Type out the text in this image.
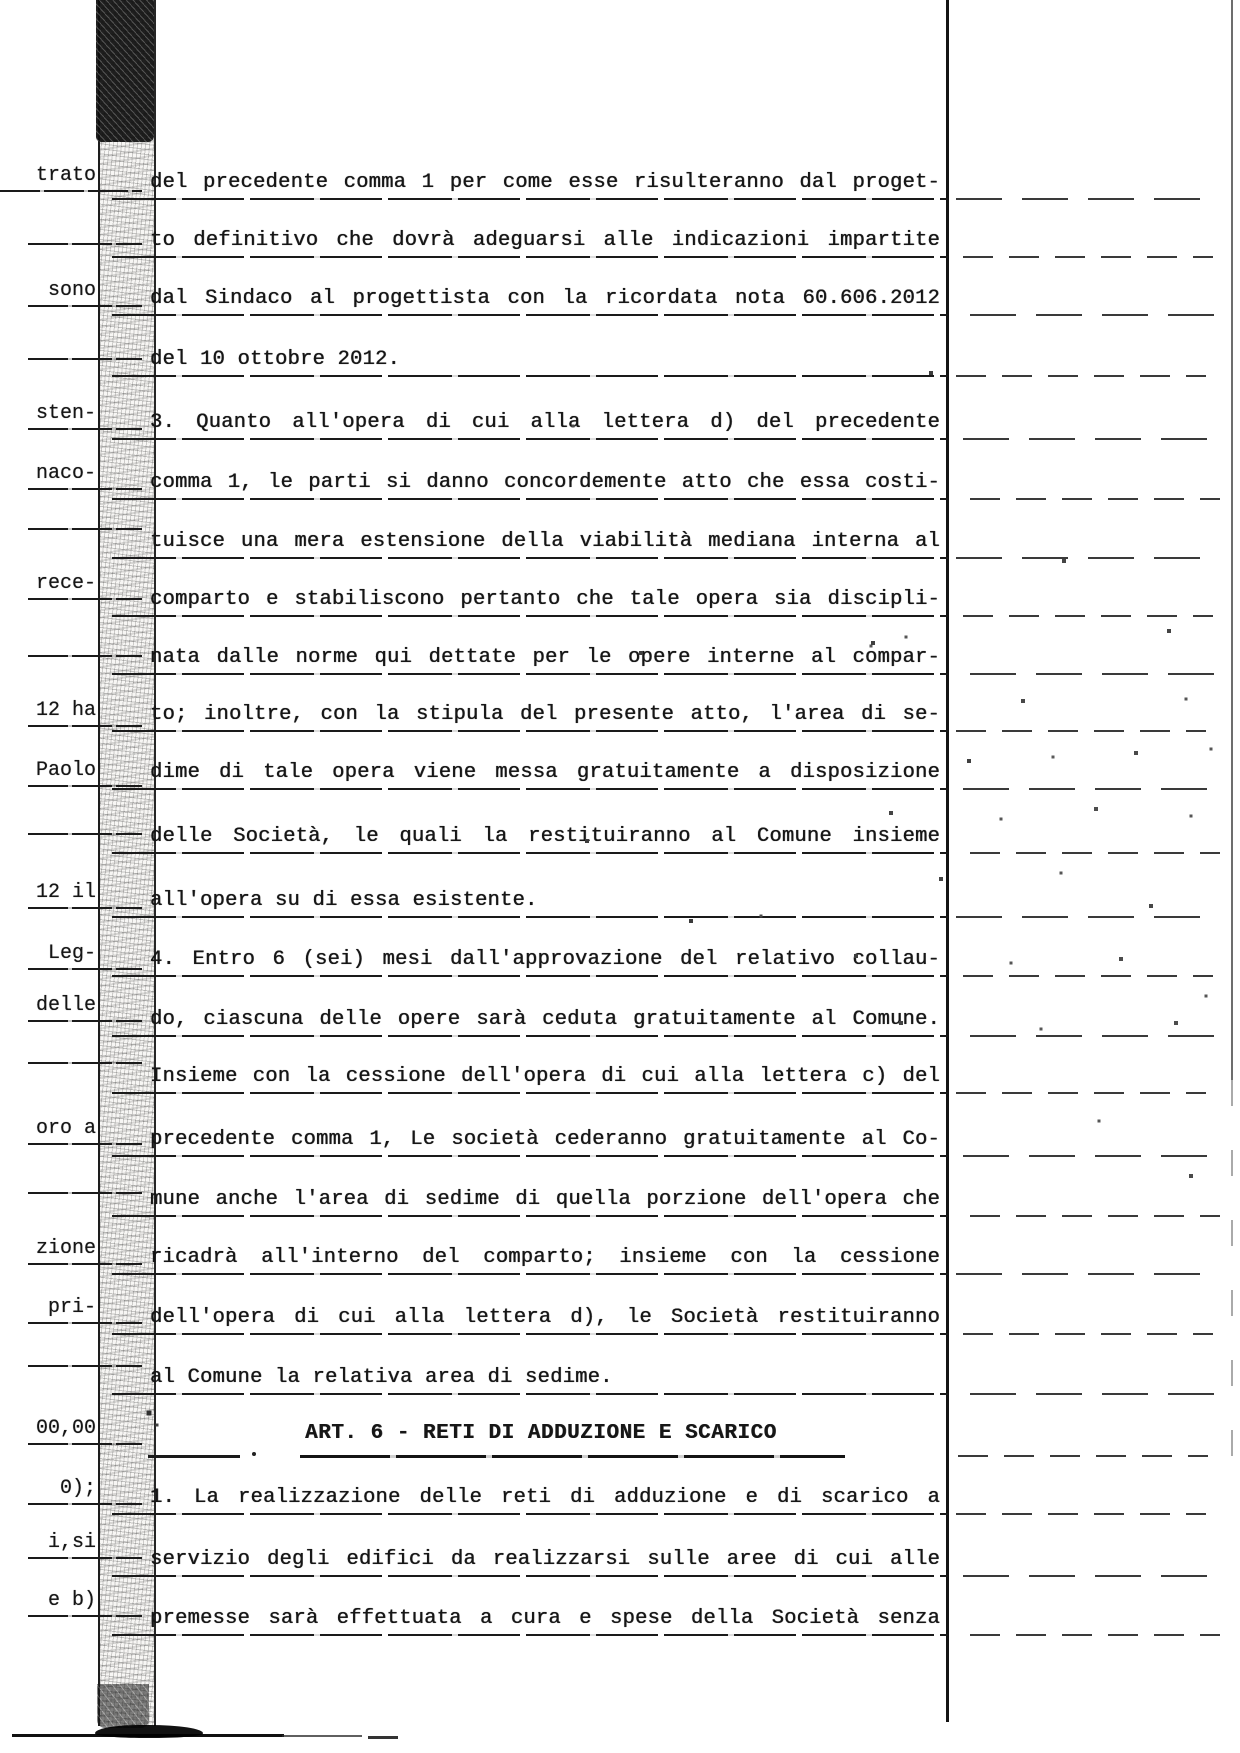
del precedente comma 1 per come esse risulteranno dal proget-
to definitivo che dovrà adeguarsi alle indicazioni impartite
dal Sindaco al progettista con la ricordata nota 60.606.2012
del 10 ottobre 2012.
3. Quanto all'opera di cui alla lettera d) del precedente
comma 1, le parti si danno concordemente atto che essa costi-
tuisce una mera estensione della viabilità mediana interna al
comparto e stabiliscono pertanto che tale opera sia discipli-
nata dalle norme qui dettate per le opere interne al compar-
to; inoltre, con la stipula del presente atto, l'area di se-
dime di tale opera viene messa gratuitamente a disposizione
delle Società, le quali la restituiranno al Comune insieme
all'opera su di essa esistente.
4. Entro 6 (sei) mesi dall'approvazione del relativo collau-
do, ciascuna delle opere sarà ceduta gratuitamente al Comune.
Insieme con la cessione dell'opera di cui alla lettera c) del
precedente comma 1, Le società cederanno gratuitamente al Co-
mune anche l'area di sedime di quella porzione dell'opera che
ricadrà all'interno del comparto; insieme con la cessione
dell'opera di cui alla lettera d), le Società restituiranno
al Comune la relativa area di sedime.
1. La realizzazione delle reti di adduzione e di scarico a
servizio degli edifici da realizzarsi sulle aree di cui alle
premesse sarà effettuata a cura e spese della Società senza
trato
sono
sten-
naco-
rece-
12 ha
Paolo
12 il
Leg-
delle
oro a
zione
pri-
00,00
0);
i,si
e b)
ART. 6 - RETI DI ADDUZIONE E SCARICO
